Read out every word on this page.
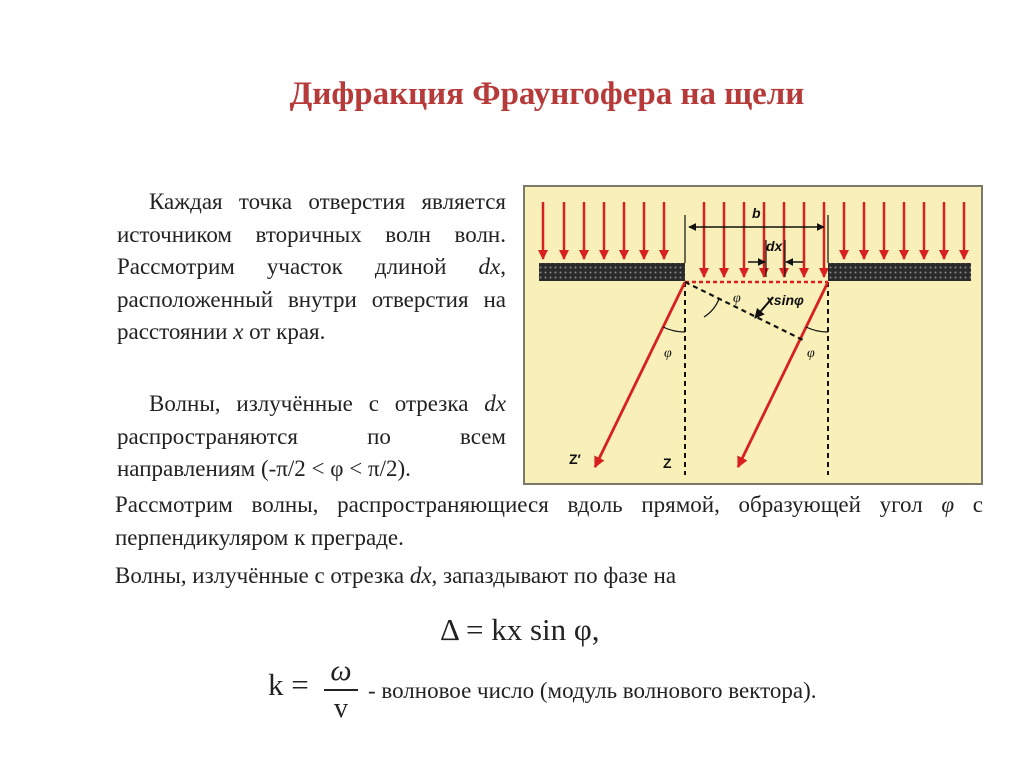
Дифракция Фраунгофера на щели
Каждая точка отверстия является источником вторичных волн волн. Рассмотрим участок длиной dx, расположенный внутри отверстия на расстоянии x от края.
Волны, излучённые с отрезка dx распространяются по всем направлениям (-π/2 < φ < π/2).
Рассмотрим волны, распространяющиеся вдоль прямой, образующей угол φ с перпендикуляром к преграде.
Волны, излучённые с отрезка dx, запаздывают по фазе на
Δ = kx sin φ,
k = ω
v
- волновое число (модуль волнового вектора).
b
dx
xsinφ
φ
φ	φ
Z′	Z
